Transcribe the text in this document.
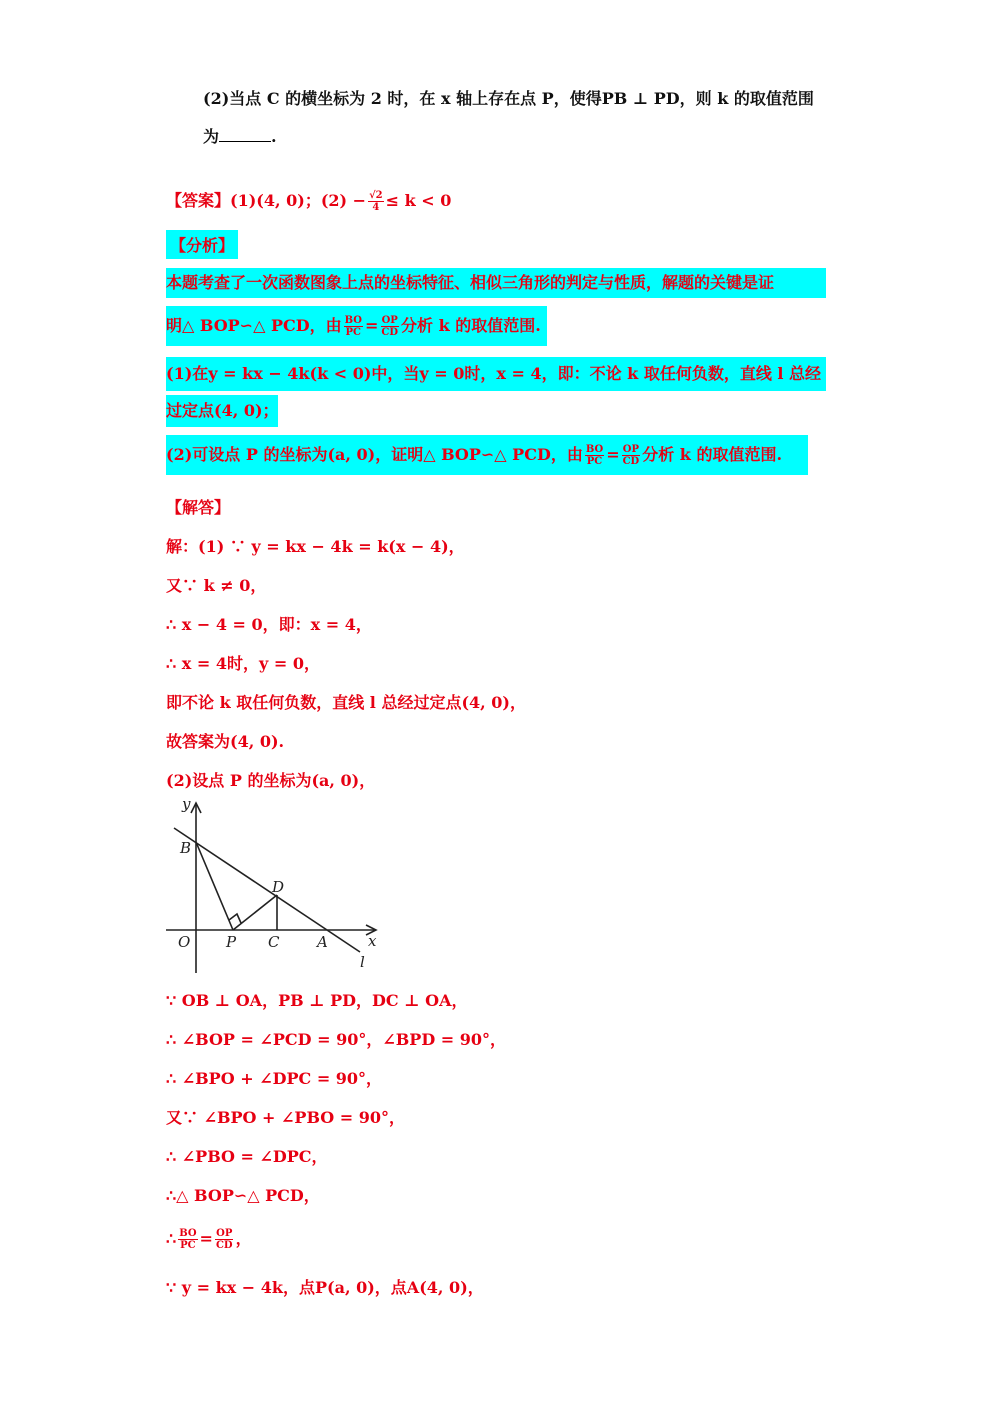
(2)当点 C 的横坐标为 2 时，在 x 轴上存在点 P，使得PB ⊥ PD，则 k 的取值范围
为	.
【答案】(1)(4, 0)；$(2) - \frac{√2}{4} \le k < 0$
【分析】
本题考查了一次函数图象上点的坐标特征、相似三角形的判定与性质，解题的关键是证
明△ BOP∽△ PCD，由 $\frac{BO}{PC} = \frac{OP}{CD}$ 分析 k 的取值范围.
(1)在y = kx − 4k(k < 0)中，当y = 0时，x = 4，即：不论 k 取任何负数，直线 l 总经
过定点(4, 0)；
(2)可设点 P 的坐标为(a, 0)，证明△ BOP∽△ PCD，由 $\frac{BO}{PC} = \frac{OP}{CD}$ 分析 k 的取值范围.
【解答】
解：(1) ∵ y = kx − 4k = k(x − 4)，
又∵ k ≠ 0，
∴ x − 4 = 0，即：x = 4，
∴ x = 4时，y = 0，
即不论 k 取任何负数，直线 l 总经过定点(4, 0)，
故答案为(4, 0).
(2)设点 P 的坐标为(a, 0)，
y
B
D
O P C	A	x
l
∵ OB ⊥ OA，PB ⊥ PD，DC ⊥ OA，
∴ ∠BOP = ∠PCD = 90°，∠BPD = 90°，
∴ ∠BPO + ∠DPC = 90°，
又∵ ∠BPO + ∠PBO = 90°，
∴ ∠PBO = ∠DPC，
∴△ BOP∽△ PCD，
∴ $\frac{BO}{PC} = \frac{OP}{CD}$ ，
∵ y = kx − 4k，点P(a, 0)，点A(4, 0)，
